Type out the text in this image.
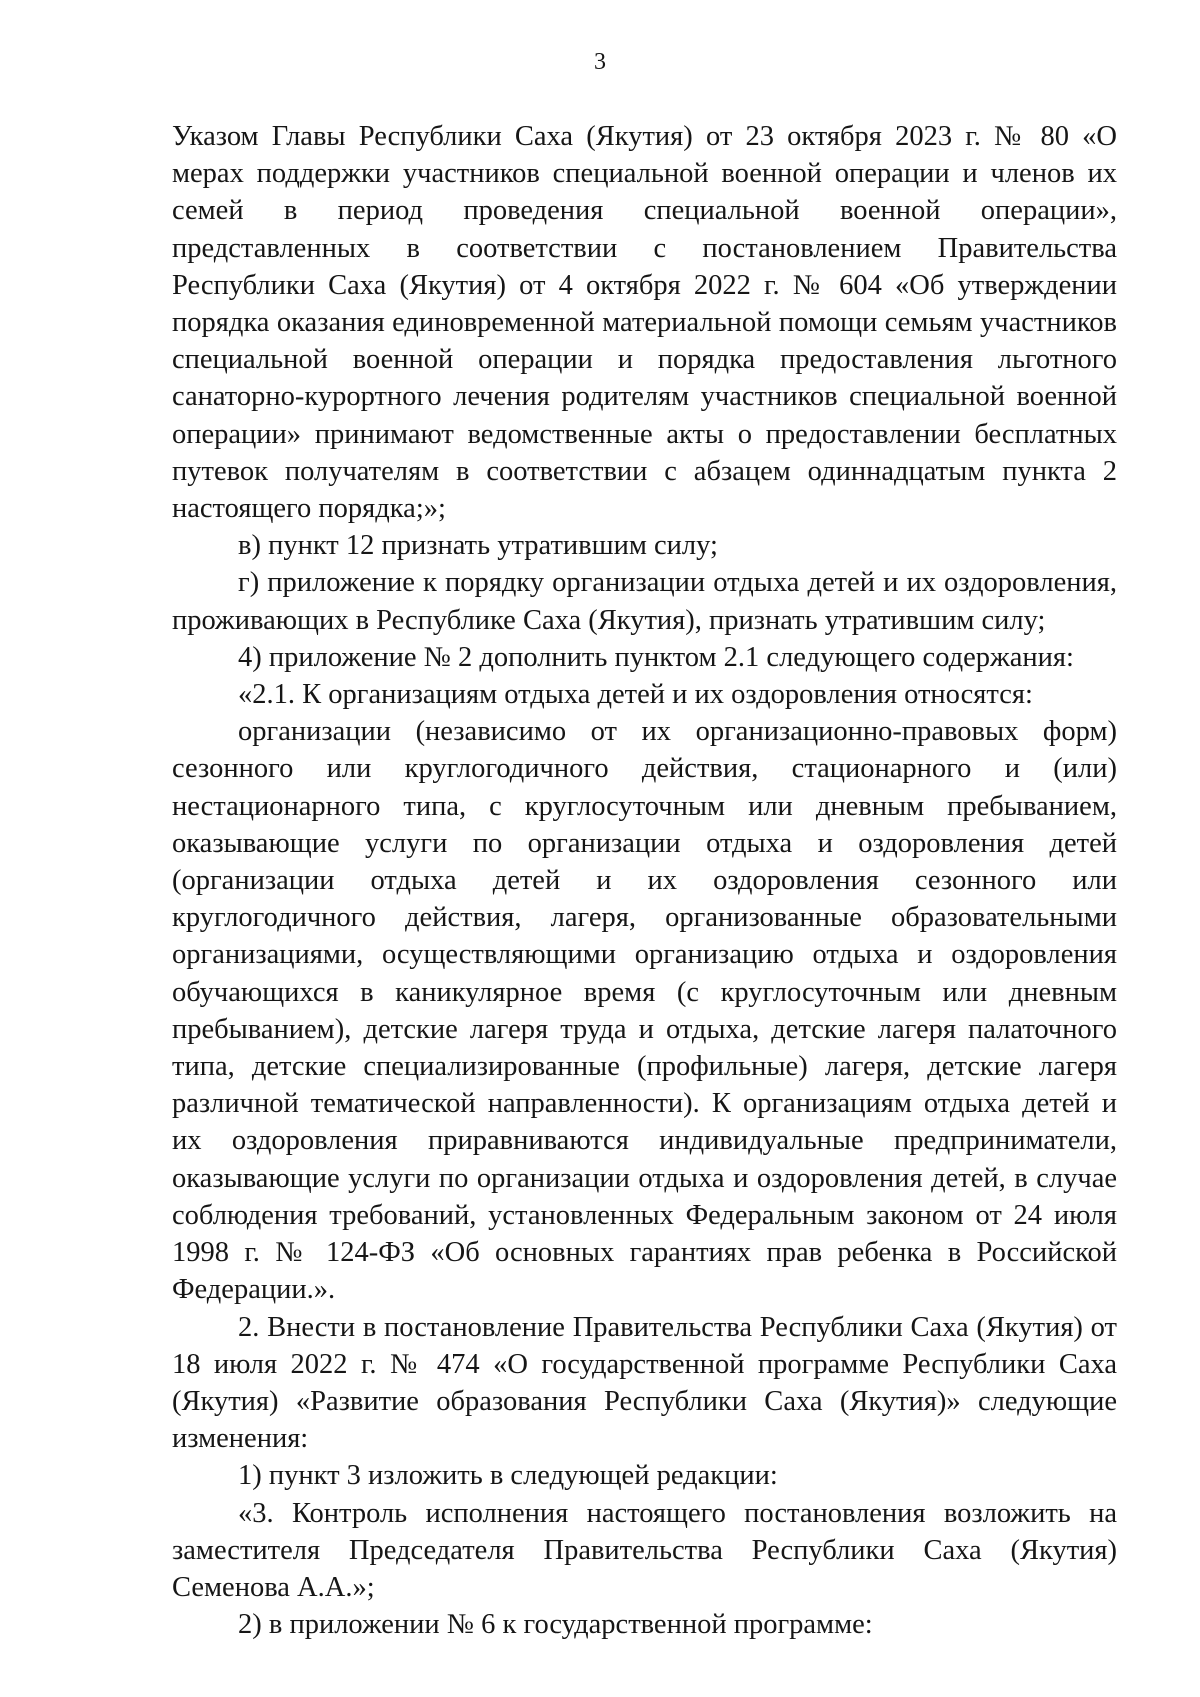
3

Указом Главы Республики Саха (Якутия) от 23 октября 2023 г. № 80 «О мерах поддержки участников специальной военной операции и членов их семей в период проведения специальной военной операции», представленных в соответствии с постановлением Правительства Республики Саха (Якутия) от 4 октября 2022 г. № 604 «Об утверждении порядка оказания единовременной материальной помощи семьям участников специальной военной операции и порядка предоставления льготного санаторно-курортного лечения родителям участников специальной военной операции» принимают ведомственные акты о предоставлении бесплатных путевок получателям в соответствии с абзацем одиннадцатым пункта 2 настоящего порядка;»;

в) пункт 12 признать утратившим силу;

г) приложение к порядку организации отдыха детей и их оздоровления, проживающих в Республике Саха (Якутия), признать утратившим силу;

4) приложение № 2 дополнить пунктом 2.1 следующего содержания:

«2.1. К организациям отдыха детей и их оздоровления относятся:

организации (независимо от их организационно-правовых форм) сезонного или круглогодичного действия, стационарного и (или) нестационарного типа, с круглосуточным или дневным пребыванием, оказывающие услуги по организации отдыха и оздоровления детей (организации отдыха детей и их оздоровления сезонного или круглогодичного действия, лагеря, организованные образовательными организациями, осуществляющими организацию отдыха и оздоровления обучающихся в каникулярное время (с круглосуточным или дневным пребыванием), детские лагеря труда и отдыха, детские лагеря палаточного типа, детские специализированные (профильные) лагеря, детские лагеря различной тематической направленности). К организациям отдыха детей и их оздоровления приравниваются индивидуальные предприниматели, оказывающие услуги по организации отдыха и оздоровления детей, в случае соблюдения требований, установленных Федеральным законом от 24 июля 1998 г. № 124-ФЗ «Об основных гарантиях прав ребенка в Российской Федерации.».

2. Внести в постановление Правительства Республики Саха (Якутия) от 18 июля 2022 г. № 474 «О государственной программе Республики Саха (Якутия) «Развитие образования Республики Саха (Якутия)» следующие изменения:

1) пункт 3 изложить в следующей редакции:

«3. Контроль исполнения настоящего постановления возложить на заместителя Председателя Правительства Республики Саха (Якутия) Семенова А.А.»;

2) в приложении № 6 к государственной программе:
